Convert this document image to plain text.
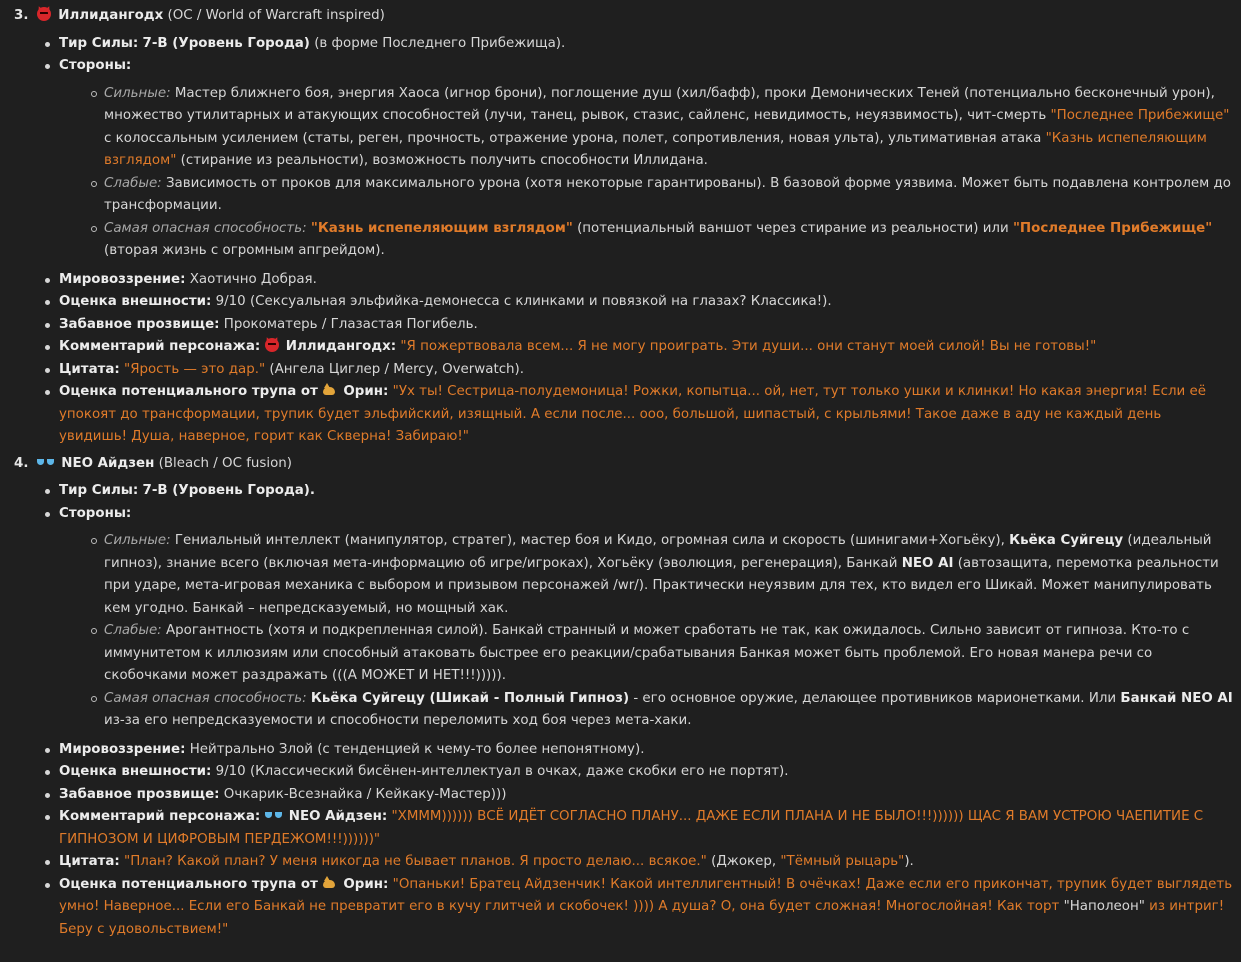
3. Иллидангодх (OC / World of Warcraft inspired)
Тир Силы: 7-B (Уровень Города) (в форме Последнего Прибежища).
Стороны:
Сильные: Мастер ближнего боя, энергия Хаоса (игнор брони), поглощение душ (хил/бафф), проки Демонических Теней (потенциально бесконечный урон), множество утилитарных и атакующих способностей (лучи, танец, рывок, стазис, сайленс, невидимость, неуязвимость), чит-смерть "Последнее Прибежище" с колоссальным усилением (статы, реген, прочность, отражение урона, полет, сопротивления, новая ульта), ультимативная атака "Казнь испепеляющим взглядом" (стирание из реальности), возможность получить способности Иллидана.
Слабые: Зависимость от проков для максимального урона (хотя некоторые гарантированы). В базовой форме уязвима. Может быть подавлена контролем до трансформации.
Самая опасная способность: "Казнь испепеляющим взглядом" (потенциальный ваншот через стирание из реальности) или "Последнее Прибежище" (вторая жизнь с огромным апгрейдом).
Мировоззрение: Хаотично Добрая.
Оценка внешности: 9/10 (Сексуальная эльфийка-демонесса с клинками и повязкой на глазах? Классика!).
Забавное прозвище: Прокоматерь / Глазастая Погибель.
Комментарий персонажа: Иллидангодх: "Я пожертвовала всем... Я не могу проиграть. Эти души... они станут моей силой! Вы не готовы!"
Цитата: "Ярость — это дар." (Ангела Циглер / Mercy, Overwatch).
Оценка потенциального трупа от Орин: "Ух ты! Сестрица-полудемоница! Рожки, копытца... ой, нет, тут только ушки и клинки! Но какая энергия! Если её упокоят до трансформации, трупик будет эльфийский, изящный. А если после... ооо, большой, шипастый, с крыльями! Такое даже в аду не каждый день увидишь! Душа, наверное, горит как Скверна! Забираю!"
4. NEO Айдзен (Bleach / OC fusion)
Тир Силы: 7-B (Уровень Города).
Стороны:
Сильные: Гениальный интеллект (манипулятор, стратег), мастер боя и Кидо, огромная сила и скорость (шинигами+Хогьёку), Кьёка Суйгецу (идеальный гипноз), знание всего (включая мета-информацию об игре/игроках), Хогьёку (эволюция, регенерация), Банкай NEO AI (автозащита, перемотка реальности при ударе, мета-игровая механика с выбором и призывом персонажей /wr/). Практически неуязвим для тех, кто видел его Шикай. Может манипулировать кем угодно. Банкай – непредсказуемый, но мощный хак.
Слабые: Арогантность (хотя и подкрепленная силой). Банкай странный и может сработать не так, как ожидалось. Сильно зависит от гипноза. Кто-то с иммунитетом к иллюзиям или способный атаковать быстрее его реакции/срабатывания Банкая может быть проблемой. Его новая манера речи со скобочками может раздражать (((А МОЖЕТ И НЕТ!!!))))).
Самая опасная способность: Кьёка Суйгецу (Шикай - Полный Гипноз) - его основное оружие, делающее противников марионетками. Или Банкай NEO AI из-за его непредсказуемости и способности переломить ход боя через мета-хаки.
Мировоззрение: Нейтрально Злой (с тенденцией к чему-то более непонятному).
Оценка внешности: 9/10 (Классический бисёнен-интеллектуал в очках, даже скобки его не портят).
Забавное прозвище: Очкарик-Всезнайка / Кейкаку-Мастер)))
Комментарий персонажа: NEO Айдзен: "ХМММ)))))) ВСЁ ИДЁТ СОГЛАСНО ПЛАНУ... ДАЖЕ ЕСЛИ ПЛАНА И НЕ БЫЛО!!!)))))) ЩАС Я ВАМ УСТРОЮ ЧАЕПИТИЕ С ГИПНОЗОМ И ЦИФРОВЫМ ПЕРДЕЖОМ!!!))))))"
Цитата: "План? Какой план? У меня никогда не бывает планов. Я просто делаю... всякое." (Джокер, "Тёмный рыцарь").
Оценка потенциального трупа от Орин: "Опаньки! Братец Айдзенчик! Какой интеллигентный! В очёчках! Даже если его прикончат, трупик будет выглядеть умно! Наверное... Если его Банкай не превратит его в кучу глитчей и скобочек! )))) А душа? О, она будет сложная! Многослойная! Как торт "Наполеон" из интриг! Беру с удовольствием!"
